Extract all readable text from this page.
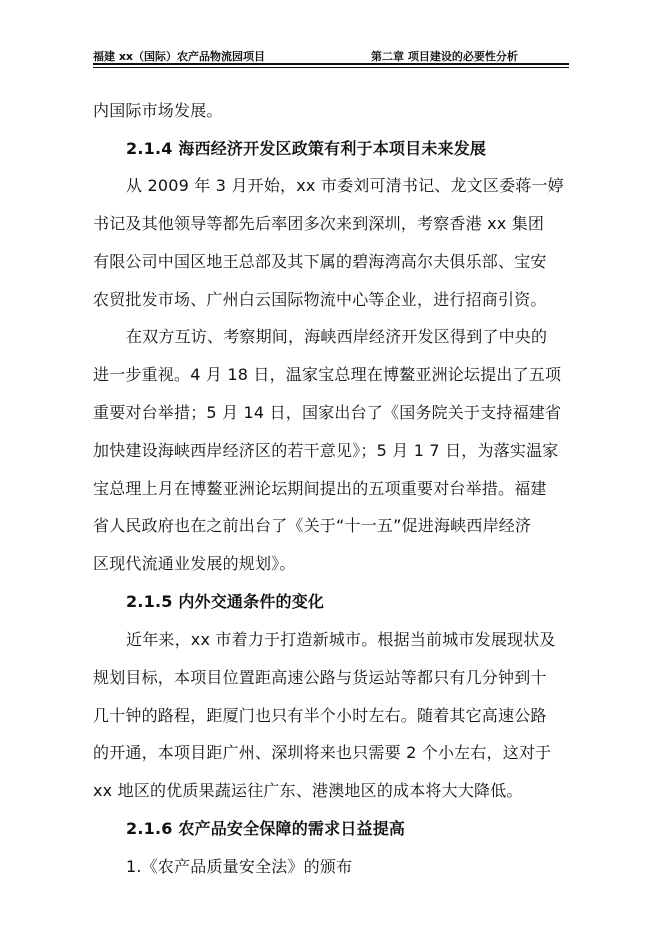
福建 xx（国际）农产品物流园项目	第二章 项目建设的必要性分析
内国际市场发展。
2.1.4 海西经济开发区政策有利于本项目未来发展
从 2009 年 3 月开始，xx 市委刘可清书记、龙文区委蒋一婷
书记及其他领导等都先后率团多次来到深圳，考察香港 xx 集团
有限公司中国区地王总部及其下属的碧海湾高尔夫俱乐部、宝安
农贸批发市场、广州白云国际物流中心等企业，进行招商引资。
在双方互访、考察期间，海峡西岸经济开发区得到了中央的
进一步重视。4 月 18 日，温家宝总理在博鳌亚洲论坛提出了五项
重要对台举措；5 月 14 日，国家出台了《国务院关于支持福建省
加快建设海峡西岸经济区的若干意见》；5 月 1 7 日，为落实温家
宝总理上月在博鳌亚洲论坛期间提出的五项重要对台举措。福建
省人民政府也在之前出台了《关于“十一五”促进海峡西岸经济
区现代流通业发展的规划》。
2.1.5 内外交通条件的变化
近年来，xx 市着力于打造新城市。根据当前城市发展现状及
规划目标，本项目位置距高速公路与货运站等都只有几分钟到十
几十钟的路程，距厦门也只有半个小时左右。随着其它高速公路
的开通，本项目距广州、深圳将来也只需要 2 个小左右，这对于
xx 地区的优质果蔬运往广东、港澳地区的成本将大大降低。
2.1.6 农产品安全保障的需求日益提高
1.《农产品质量安全法》的颁布
